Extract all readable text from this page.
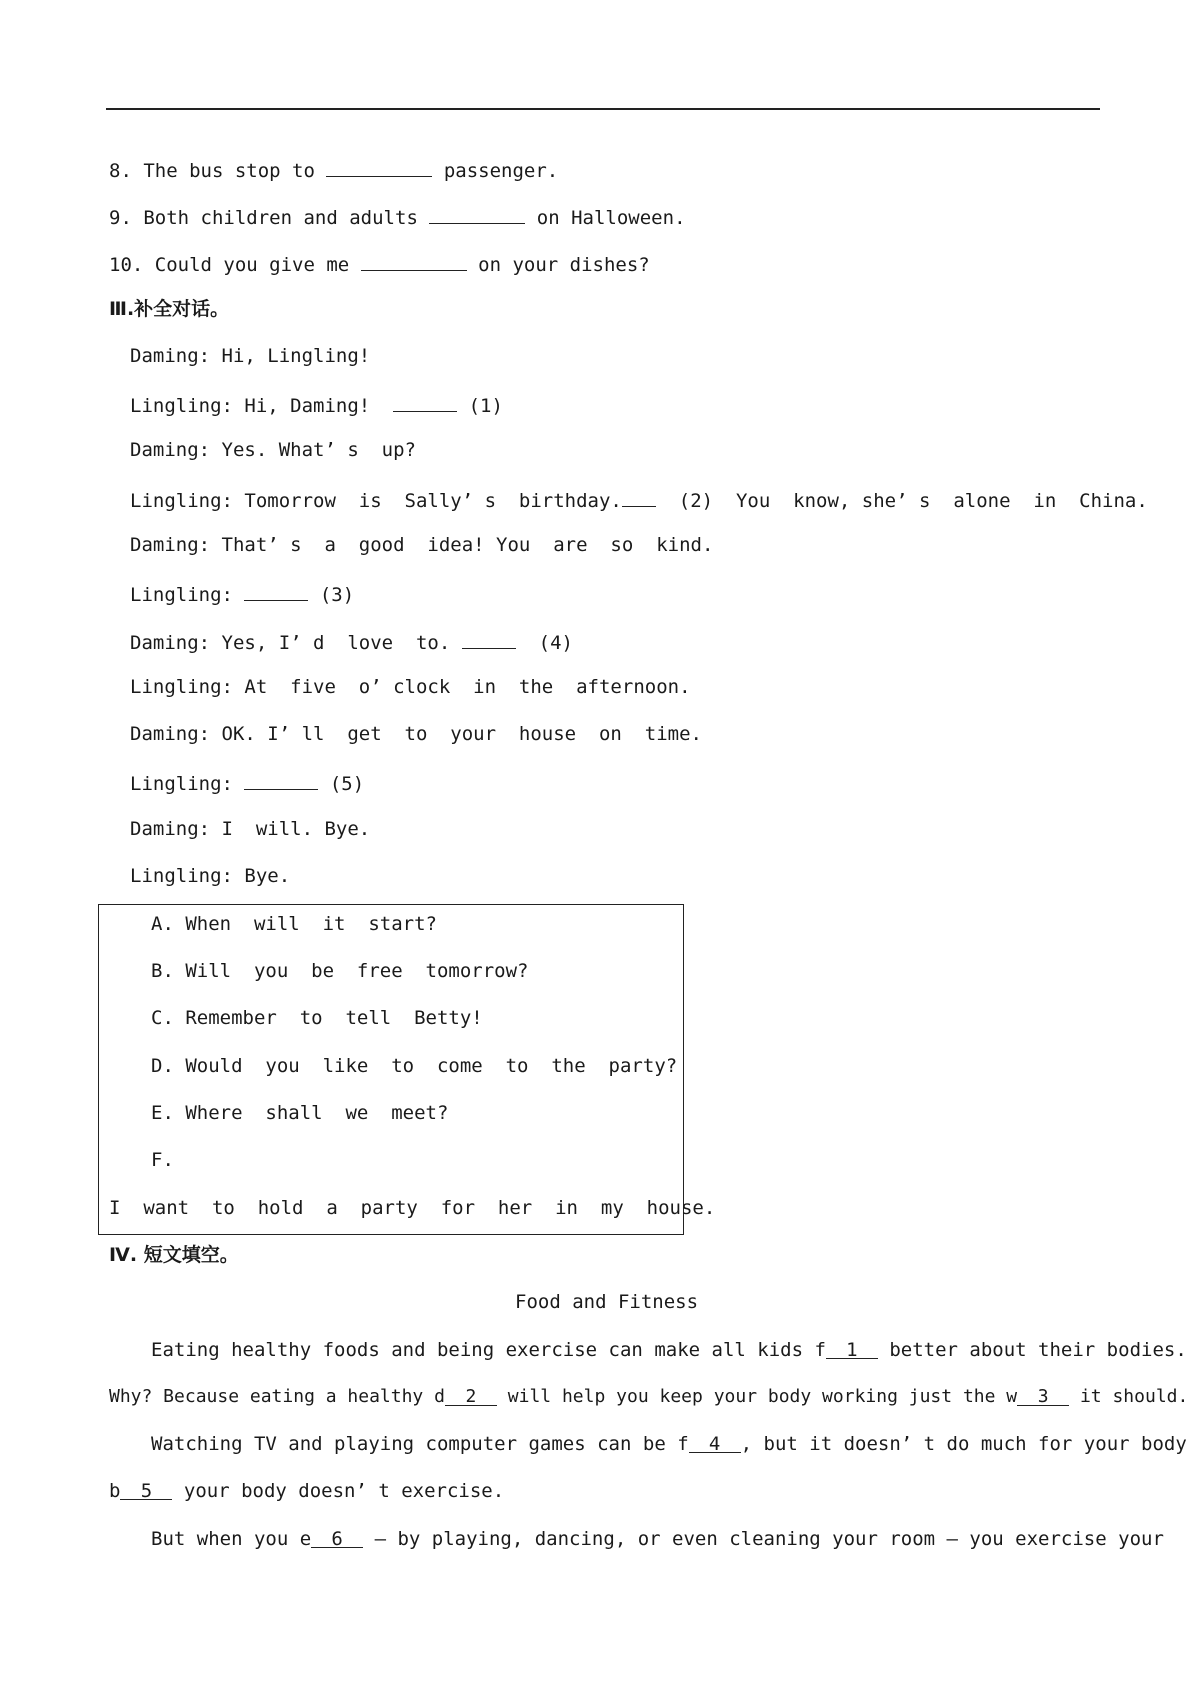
8. The bus stop to	passenger.
9. Both children and adults	on Halloween.
10. Could you give me	on your dishes?
Ⅲ.补全对话。
Daming: Hi, Lingling!
Lingling: Hi, Daming!	(1)
Daming: Yes. What’ s  up?
Lingling: Tomorrow  is  Sally’ s  birthday.	(2)  You  know, she’ s  alone  in  China.
Daming: That’ s  a  good  idea! You  are  so  kind.
Lingling:	(3)
Daming: Yes, I’ d  love  to.	(4)
Lingling: At  five  o’ clock  in  the  afternoon.
Daming: OK. I’ ll  get  to  your  house  on  time.
Lingling:	(5)
Daming: I  will. Bye.
Lingling: Bye.
A. When  will  it  start?
B. Will  you  be  free  tomorrow?
C. Remember  to  tell  Betty!
D. Would  you  like  to  come  to  the  party?
E. Where  shall  we  meet?
F.
I  want  to  hold  a  party  for  her  in  my  house.
Ⅳ. 短文填空。
Food and Fitness
Eating healthy foods and being exercise can make all kids f 1 better about their bodies.
Why? Because eating a healthy d 2 will help you keep your body working just the w 3 it should.
Watching TV and playing computer games can be f 4 , but it doesn’ t do much for your body
b 5 your body doesn’ t exercise.
But when you e 6 — by playing, dancing, or even cleaning your room — you exercise your
